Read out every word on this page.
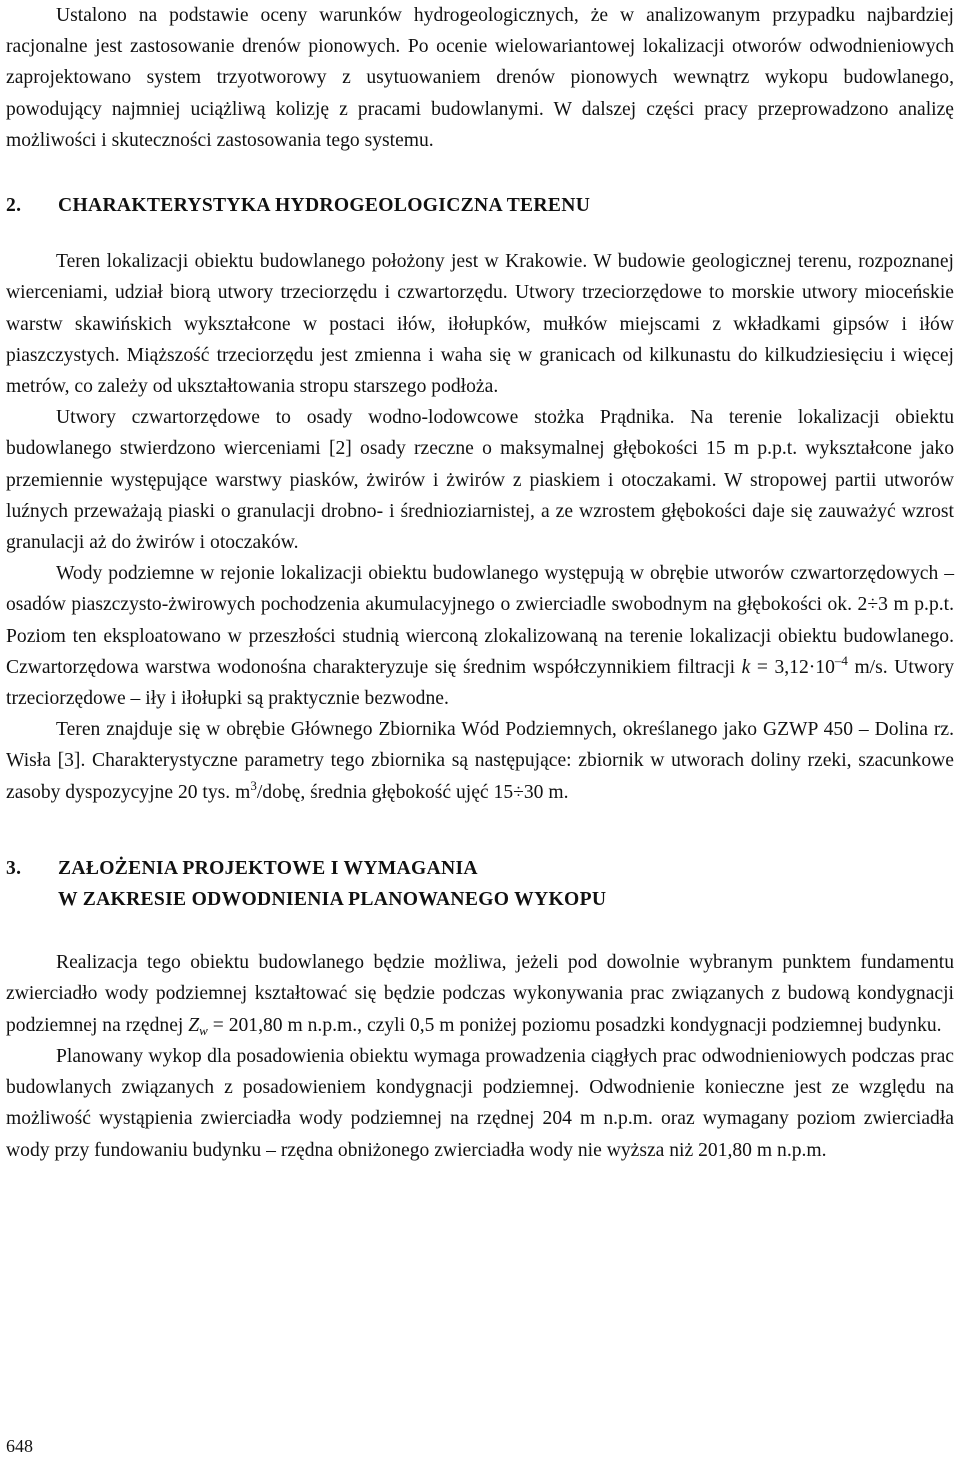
Ustalono na podstawie oceny warunków hydrogeologicznych, że w analizowanym przypadku najbardziej racjonalne jest zastosowanie drenów pionowych. Po ocenie wielowariantowej lokalizacji otworów odwodnieniowych zaprojektowano system trzyotworowy z usytuowaniem drenów pionowych wewnątrz wykopu budowlanego, powodujący najmniej uciążliwą kolizję z pracami budowlanymi. W dalszej części pracy przeprowadzono analizę możliwości i skuteczności zastosowania tego systemu.

2. CHARAKTERYSTYKA HYDROGEOLOGICZNA TERENU

Teren lokalizacji obiektu budowlanego położony jest w Krakowie. W budowie geologicznej terenu, rozpoznanej wierceniami, udział biorą utwory trzeciorzędu i czwartorzędu. Utwory trzeciorzędowe to morskie utwory mioceńskie warstw skawińskich wykształcone w postaci iłów, iłołupków, mułków miejscami z wkładkami gipsów i iłów piaszczystych. Miąższość trzeciorzędu jest zmienna i waha się w granicach od kilkunastu do kilkudziesięciu i więcej metrów, co zależy od ukształtowania stropu starszego podłoża.

Utwory czwartorzędowe to osady wodno-lodowcowe stożka Prądnika. Na terenie lokalizacji obiektu budowlanego stwierdzono wierceniami [2] osady rzeczne o maksymalnej głębokości 15 m p.p.t. wykształcone jako przemiennie występujące warstwy piasków, żwirów i żwirów z piaskiem i otoczakami. W stropowej partii utworów luźnych przeważają piaski o granulacji drobno- i średnioziarnistej, a ze wzrostem głębokości daje się zauważyć wzrost granulacji aż do żwirów i otoczaków.

Wody podziemne w rejonie lokalizacji obiektu budowlanego występują w obrębie utworów czwartorzędowych – osadów piaszczysto-żwirowych pochodzenia akumulacyjnego o zwierciadle swobodnym na głębokości ok. 2÷3 m p.p.t. Poziom ten eksploatowano w przeszłości studnią wierconą zlokalizowaną na terenie lokalizacji obiektu budowlanego. Czwartorzędowa warstwa wodonośna charakteryzuje się średnim współczynnikiem filtracji $k = 3,12\cdot 10^{-4}$ m/s. Utwory trzeciorzędowe – iły i iłołupki są praktycznie bezwodne.

Teren znajduje się w obrębie Głównego Zbiornika Wód Podziemnych, określanego jako GZWP 450 – Dolina rz. Wisła [3]. Charakterystyczne parametry tego zbiornika są następujące: zbiornik w utworach doliny rzeki, szacunkowe zasoby dyspozycyjne 20 tys. $m^3$/dobę, średnia głębokość ujęć 15÷30 m.

3. ZAŁOŻENIA PROJEKTOWE I WYMAGANIA
W ZAKRESIE ODWODNIENIA PLANOWANEGO WYKOPU

Realizacja tego obiektu budowlanego będzie możliwa, jeżeli pod dowolnie wybranym punktem fundamentu zwierciadło wody podziemnej kształtować się będzie podczas wykonywania prac związanych z budową kondygnacji podziemnej na rzędnej $Z_w = 201,80$ m n.p.m., czyli 0,5 m poniżej poziomu posadzki kondygnacji podziemnej budynku.

Planowany wykop dla posadowienia obiektu wymaga prowadzenia ciągłych prac odwodnieniowych podczas prac budowlanych związanych z posadowieniem kondygnacji podziemnej. Odwodnienie konieczne jest ze względu na możliwość wystąpienia zwierciadła wody podziemnej na rzędnej 204 m n.p.m. oraz wymagany poziom zwierciadła wody przy fundowaniu budynku – rzędna obniżonego zwierciadła wody nie wyższa niż 201,80 m n.p.m.

648
